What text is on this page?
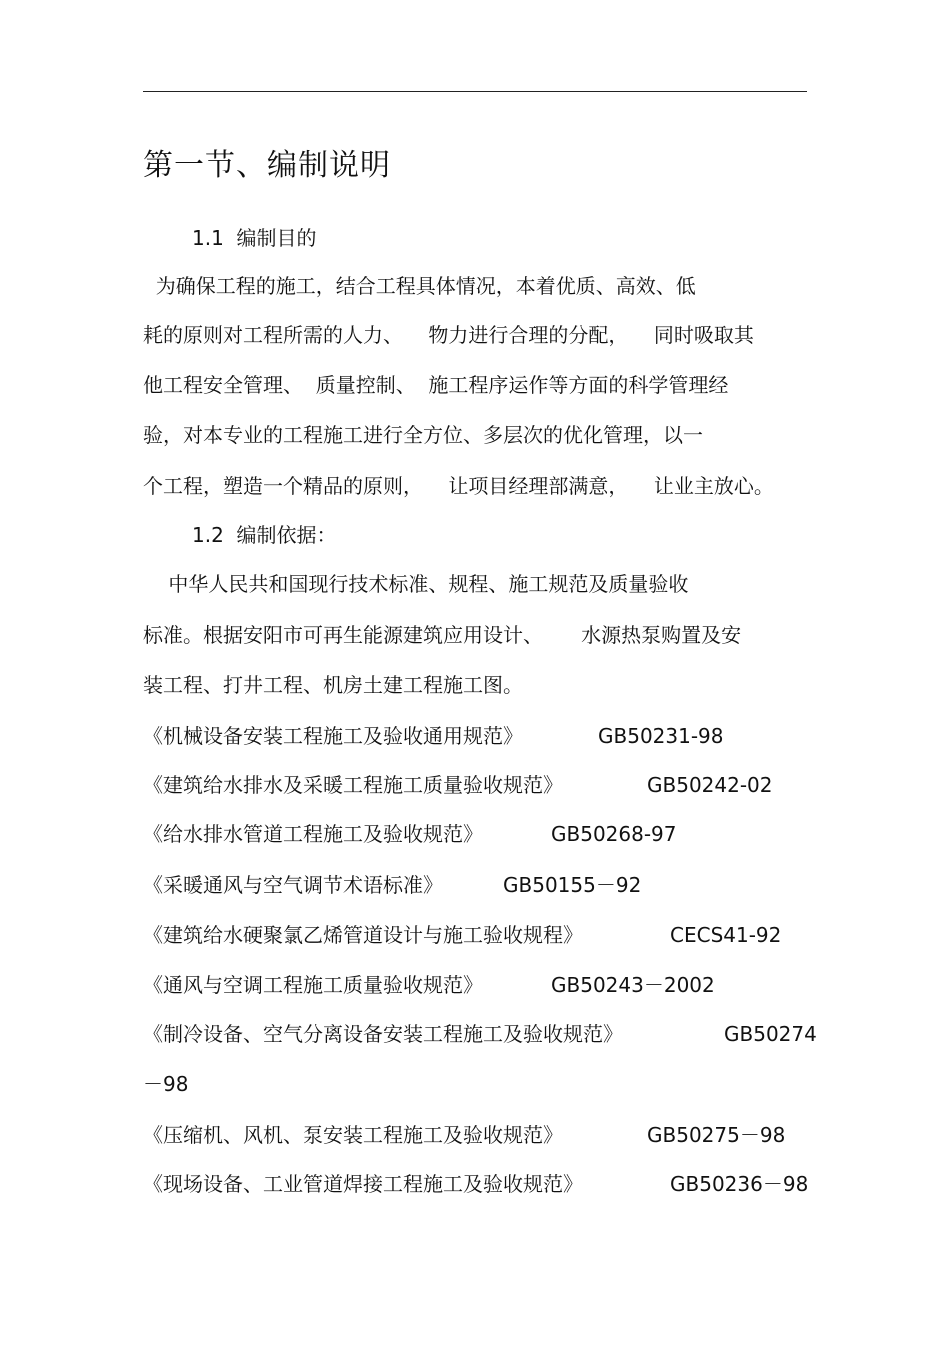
第一节、编制说明
1.1  编制目的
为确保工程的施工，结合工程具体情况，本着优质、高效、低
耗的原则对工程所需的人力、    物力进行合理的分配，    同时吸取其
他工程安全管理、  质量控制、  施工程序运作等方面的科学管理经
验，对本专业的工程施工进行全方位、多层次的优化管理，以一
个工程，塑造一个精品的原则，    让项目经理部满意，    让业主放心。
1.2  编制依据：
中华人民共和国现行技术标准、规程、施工规范及质量验收
标准。根据安阳市可再生能源建筑应用设计、      水源热泵购置及安
装工程、打井工程、机房土建工程施工图。
《机械设备安装工程施工及验收通用规范》	GB50231-98
《建筑给水排水及采暖工程施工质量验收规范》	GB50242-02
《给水排水管道工程施工及验收规范》	GB50268-97
《采暖通风与空气调节术语标准》	GB50155－92
《建筑给水硬聚氯乙烯管道设计与施工验收规程》	CECS41-92
《通风与空调工程施工质量验收规范》	GB50243－2002
《制冷设备、空气分离设备安装工程施工及验收规范》	GB50274
－98
《压缩机、风机、泵安装工程施工及验收规范》	GB50275－98
《现场设备、工业管道焊接工程施工及验收规范》	GB50236－98
